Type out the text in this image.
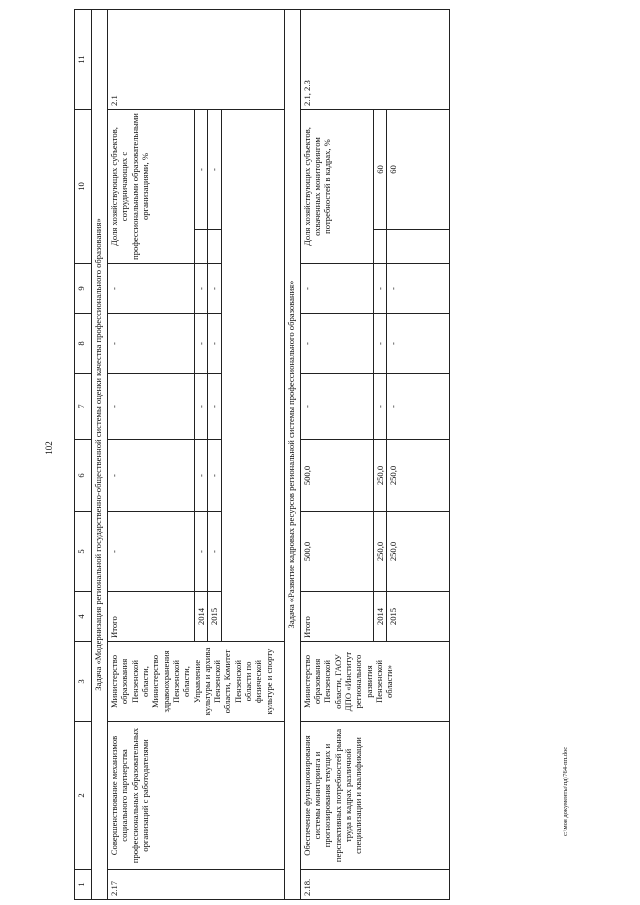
102
1	2	3	4	5	6	7	8	9	10		11
Задача «Модернизация региональной государственно-общественной системы оценки качества профессионального образования»											
2.17	Совершенствование механизмов социального партнерства профессиональных образовательных организаций с работодателями	Министерство образования Пензенской области, Министерство здравоохранения Пензенской области, Управление культуры и архива Пензенской области, Комитет Пензенской области по физической культуре и спорту	Итого	-	-	-	-	-	Доля хозяйствующих субъектов, сотрудничающих с профессиональными образовательными организациями, %		2.1
			2014	-	-	-	-	-		-	
			2015	-	-	-	-	-		-	

Задача «Развитие кадровых ресурсов региональной системы профессионального образования»											
2.18.	Обеспечение функционирования системы мониторинга и прогнозирования текущих и перспективных потребностей рынка труда в кадрах различной специализации и квалификации	Министерство образования Пензенской области, ГАОУ ДПО «Институт регионального развития Пензенской области»	Итого	500,0	500,0	-	-	-	Доля хозяйствующих субъектов, охваченных мониторингом потребностей в кадрах, %		2.1, 2.3
			2014	250,0	250,0	-	-	-		60	
			2015	250,0	250,0	-	-	-		60	
c:\моя документы\пд\764-пп.doc
